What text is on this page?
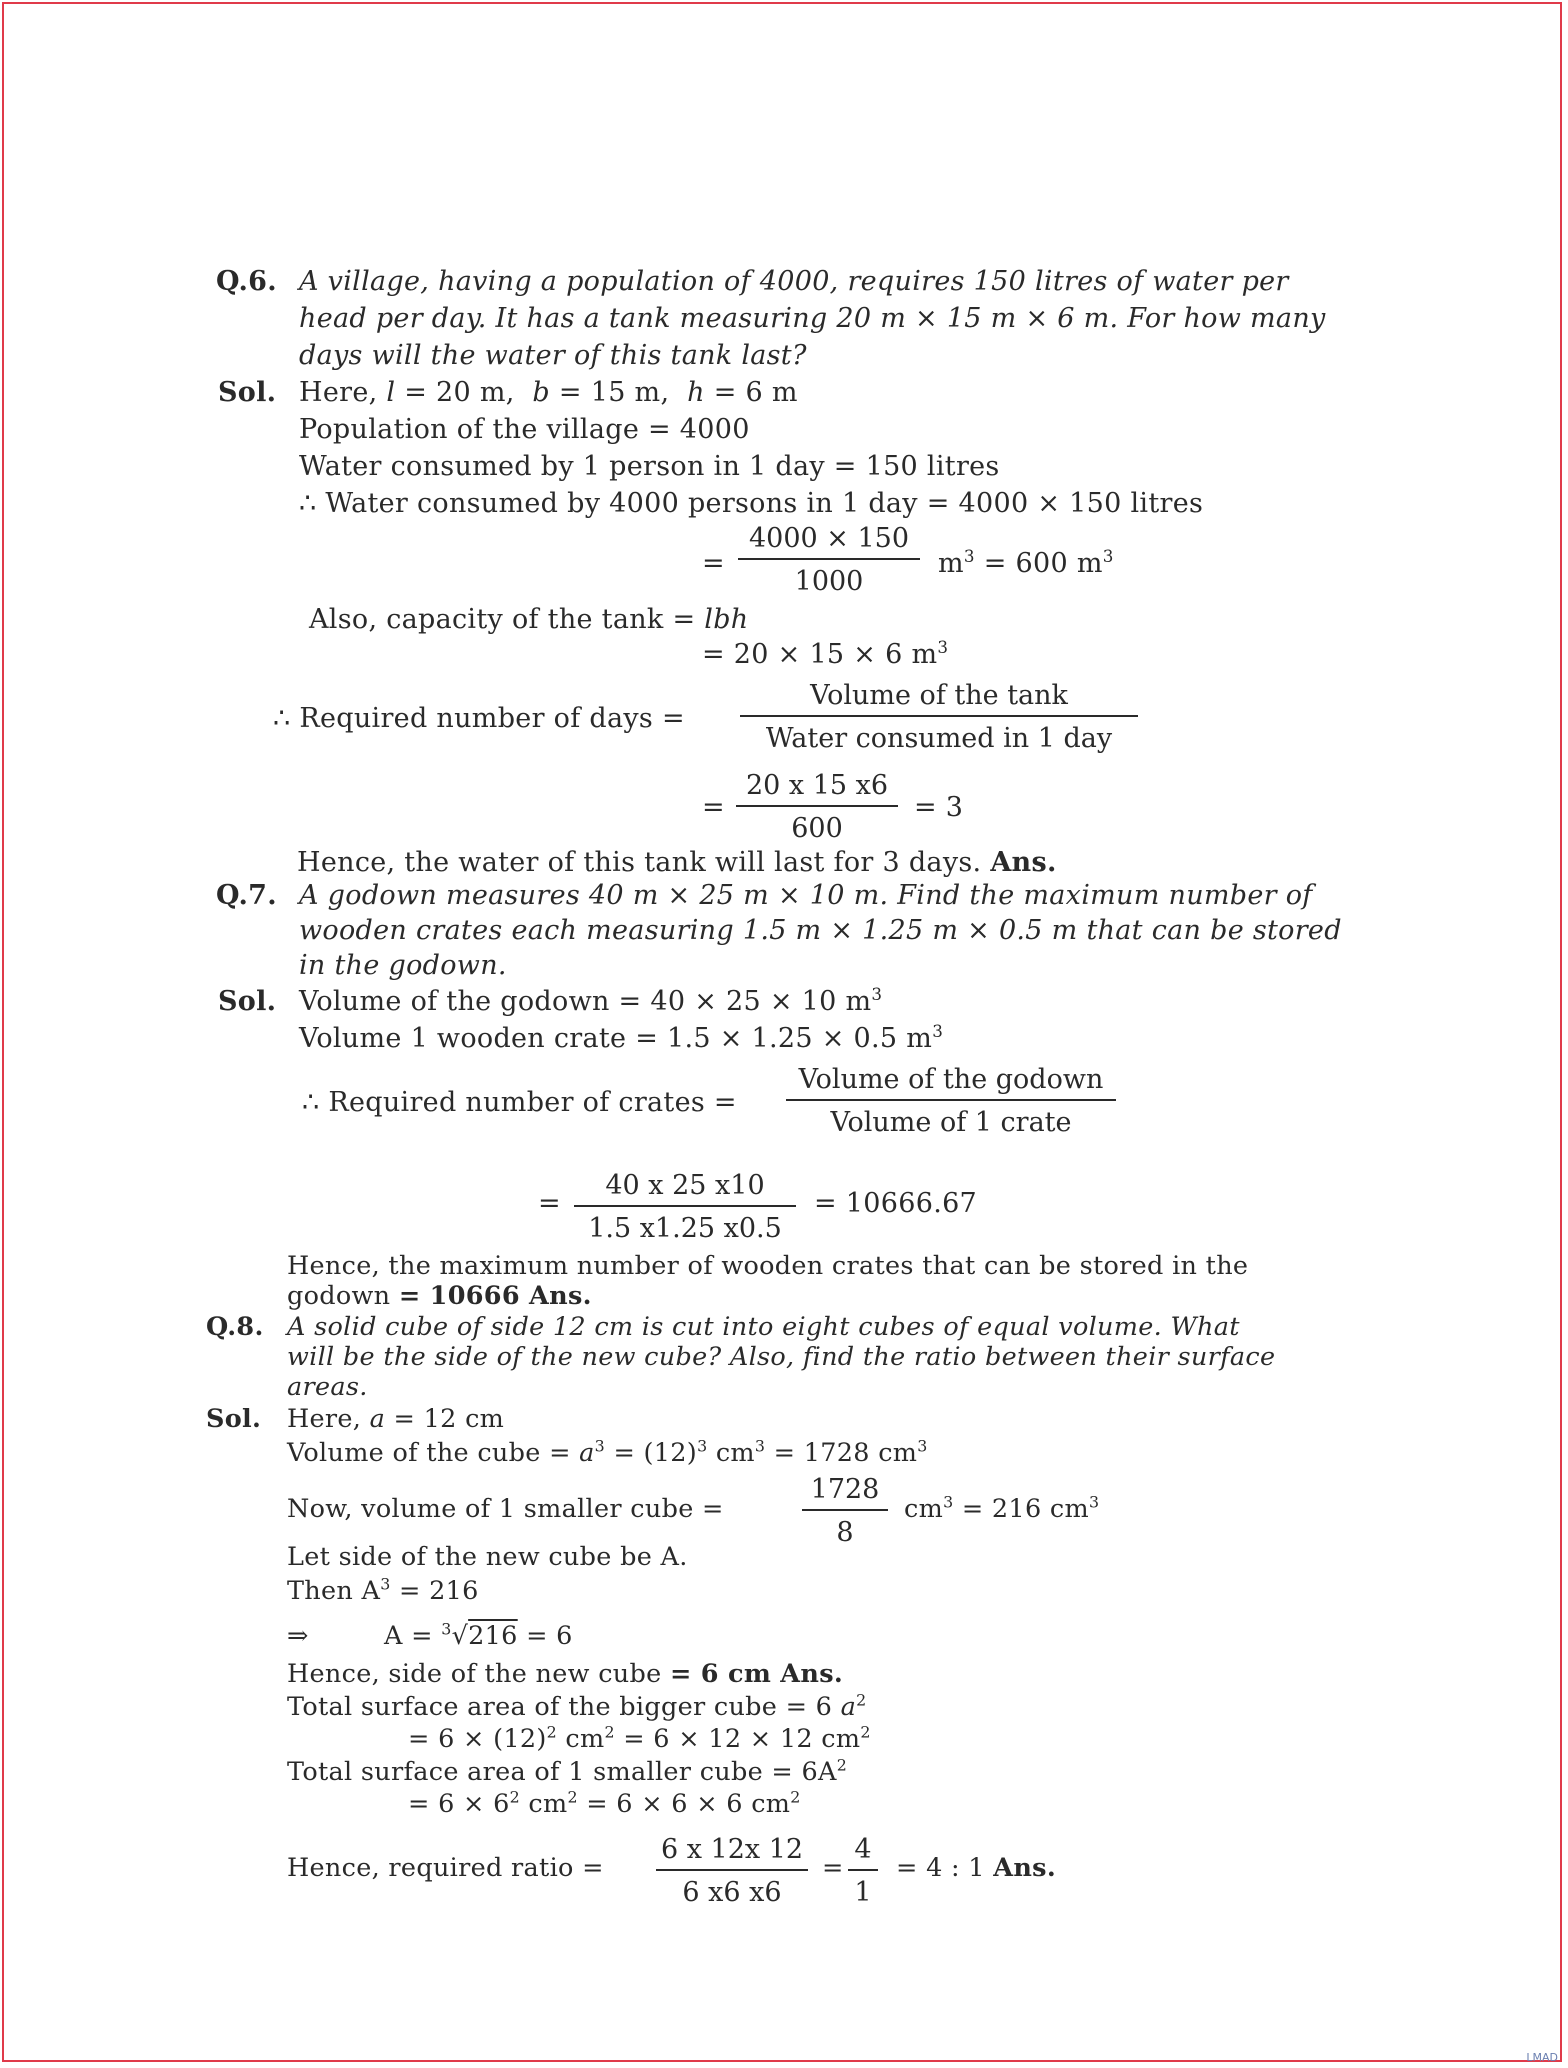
Q.6. A village, having a population of 4000, requires 150 litres of water per
head per day. It has a tank measuring 20 m × 15 m × 6 m. For how many
days will the water of this tank last?
Sol. Here, l = 20 m, b = 15 m, h = 6 m
Population of the village = 4000
Water consumed by 1 person in 1 day = 150 litres
∴ Water consumed by 4000 persons in 1 day = 4000 × 150 litres
=
4000 × 150
1000
$m^3 = 600$ $m^3$
Also, capacity of the tank = lbh
= 20 × 15 × 6 $m^3$
∴ Required number of days =
Volume of the tank
Water consumed in 1 day
=
20 x 15 x6
600
= 3
Hence, the water of this tank will last for 3 days. Ans.
Q.7. A godown measures 40 m × 25 m × 10 m. Find the maximum number of
wooden crates each measuring 1.5 m × 1.25 m × 0.5 m that can be stored
in the godown.
Sol. Volume of the godown = 40 × 25 × 10 $m^3$
Volume 1 wooden crate = 1.5 × 1.25 × 0.5 $m^3$
∴ Required number of crates =
Volume of the godown
Volume of 1 crate
=
40 x 25 x10
1.5 x1.25 x0.5
= 10666.67
Hence, the maximum number of wooden crates that can be stored in the
godown = 10666 Ans.
Q.8. A solid cube of side 12 cm is cut into eight cubes of equal volume. What
will be the side of the new cube? Also, find the ratio between their surface
areas.
Sol. Here, a = 12 cm
Volume of the cube = $a^3 = (12)^3$ $cm^3 = 1728$ $cm^3$
Now, volume of 1 smaller cube =
1728
8
$cm^3 = 216$ $cm^3$
Let side of the new cube be A.
Then $A^3 = 216$
⇒	A = $^3$√216 = 6
Hence, side of the new cube = 6 cm Ans.
Total surface area of the bigger cube = 6 $a^2$
= $6 \times (12)^2$ $cm^2 = 6 \times 12 \times 12$ $cm^2$
Total surface area of 1 smaller cube = $6A^2$
= $6 \times 6^2$ $cm^2 = 6 \times 6 \times 6$ $cm^2$
Hence, required ratio =
6 x 12x 12
6 x6 x6
=
4
1
= 4 : 1 Ans.
LMAD
